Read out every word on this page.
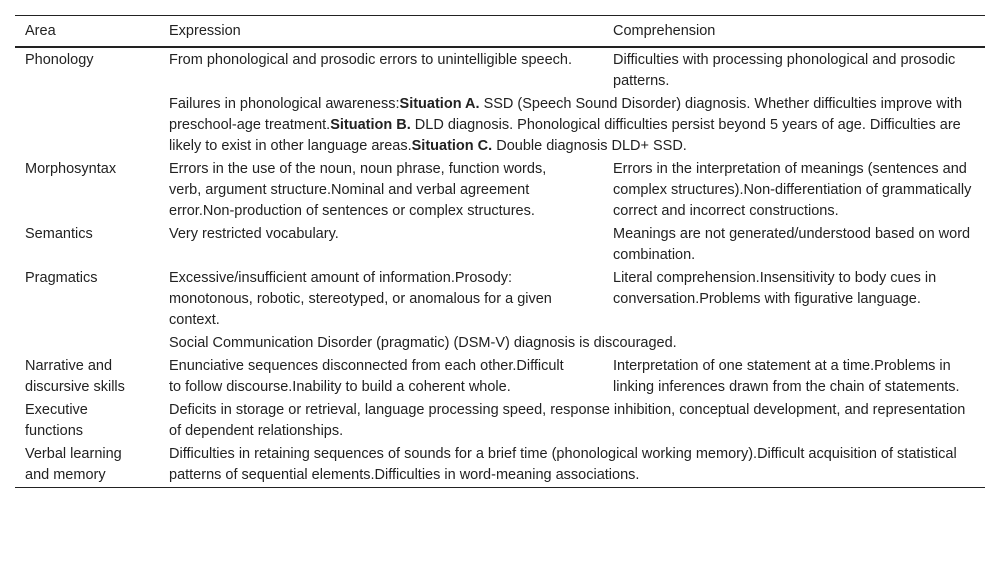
Area	Expression	Comprehension
Phonology	From phonological and prosodic errors to unintelligible speech.	Difficulties with processing phonological and prosodic patterns.
	Failures in phonological awareness:Situation A. SSD (Speech Sound Disorder) diagnosis. Whether difficulties improve with preschool-age treatment.Situation B. DLD diagnosis. Phonological difficulties persist beyond 5 years of age. Difficulties are likely to exist in other language areas.Situation C. Double diagnosis DLD+ SSD.	
Morphosyntax	Errors in the use of the noun, noun phrase, function words, verb, argument structure.Nominal and verbal agreement error.Non-production of sentences or complex structures.	Errors in the interpretation of meanings (sentences and complex structures).Non-differentiation of grammatically correct and incorrect constructions.
Semantics	Very restricted vocabulary.	Meanings are not generated/understood based on word combination.
Pragmatics	Excessive/insufficient amount of information.Prosody: monotonous, robotic, stereotyped, or anomalous for a given context.	Literal comprehension.Insensitivity to body cues in conversation.Problems with figurative language.
	Social Communication Disorder (pragmatic) (DSM-V) diagnosis is discouraged.	
Narrative and discursive skills	Enunciative sequences disconnected from each other.Difficult to follow discourse.Inability to build a coherent whole.	Interpretation of one statement at a time.Problems in linking inferences drawn from the chain of statements.
Executive functions	Deficits in storage or retrieval, language processing speed, response inhibition, conceptual development, and representation of dependent relationships.	
Verbal learning and memory	Difficulties in retaining sequences of sounds for a brief time (phonological working memory).Difficult acquisition of statistical patterns of sequential elements.Difficulties in word-meaning associations.	
